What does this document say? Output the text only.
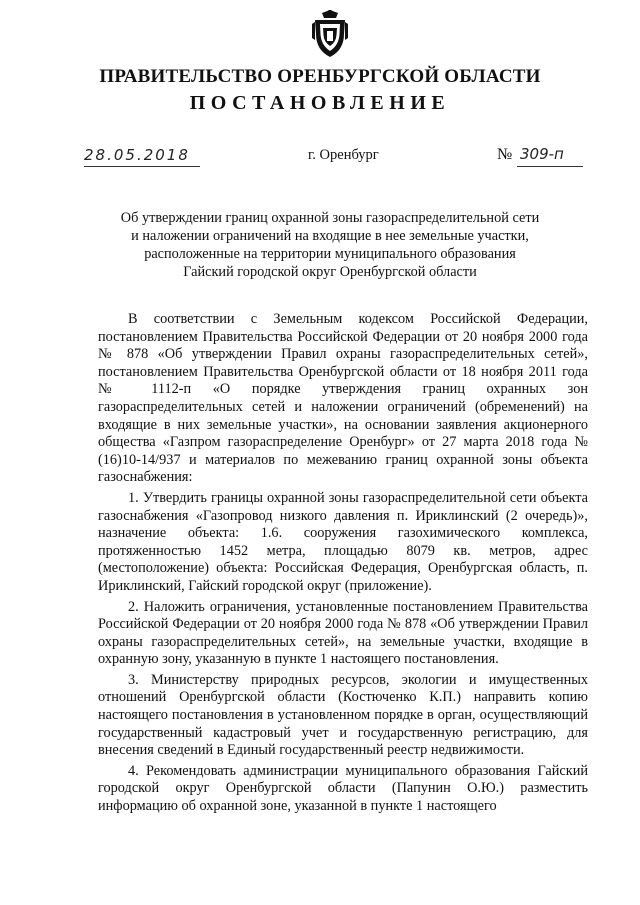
ПРАВИТЕЛЬСТВО ОРЕНБУРГСКОЙ ОБЛАСТИ
ПОСТАНОВЛЕНИЕ
28.05.2018	г. Оренбург	№ 309-п
Об утверждении границ охранной зоны газораспределительной сети
и наложении ограничений на входящие в нее земельные участки,
расположенные на территории муниципального образования
Гайский городской округ Оренбургской области

В соответствии с Земельным кодексом Российской Федерации, постановлением Правительства Российской Федерации от 20 ноября 2000 года № 878 «Об утверждении Правил охраны газораспределительных сетей», постановлением Правительства Оренбургской области от 18 ноября 2011 года № 1112-п «О порядке утверждения границ охранных зон газораспределительных сетей и наложении ограничений (обременений) на входящие в них земельные участки», на основании заявления акционерного общества «Газпром газораспределение Оренбург» от 27 марта 2018 года № (16)10-14/937 и материалов по межеванию границ охранной зоны объекта газоснабжения:

1. Утвердить границы охранной зоны газораспределительной сети объекта газоснабжения «Газопровод низкого давления п. Ириклинский (2 очередь)», назначение объекта: 1.6. сооружения газохимического комплекса, протяженностью 1452 метра, площадью 8079 кв. метров, адрес (местоположение) объекта: Российская Федерация, Оренбургская область, п. Ириклинский, Гайский городской округ (приложение).

2. Наложить ограничения, установленные постановлением Правительства Российской Федерации от 20 ноября 2000 года № 878 «Об утверждении Правил охраны газораспределительных сетей», на земельные участки, входящие в охранную зону, указанную в пункте 1 настоящего постановления.

3. Министерству природных ресурсов, экологии и имущественных отношений Оренбургской области (Костюченко К.П.) направить копию настоящего постановления в установленном порядке в орган, осуществляющий государственный кадастровый учет и государственную регистрацию, для внесения сведений в Единый государственный реестр недвижимости.

4. Рекомендовать администрации муниципального образования Гайский городской округ Оренбургской области (Папунин О.Ю.) разместить информацию об охранной зоне, указанной в пункте 1 настоящего
